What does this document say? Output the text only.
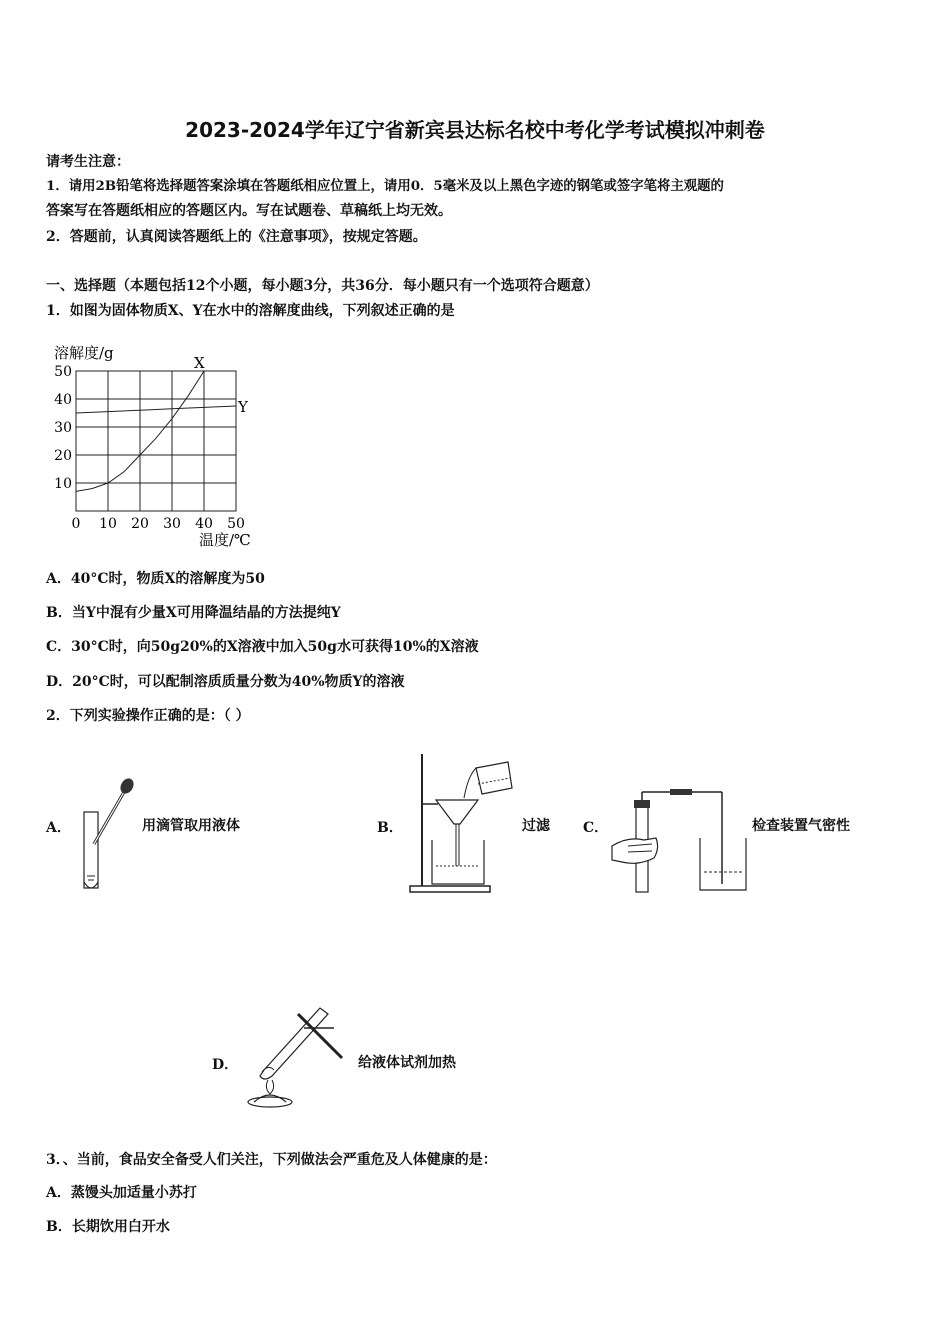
2023-2024学年辽宁省新宾县达标名校中考化学考试模拟冲刺卷
请考生注意：
1．请用2B铅笔将选择题答案涂填在答题纸相应位置上，请用0．5毫米及以上黑色字迹的钢笔或签字笔将主观题的
答案写在答题纸相应的答题区内。写在试题卷、草稿纸上均无效。
2．答题前，认真阅读答题纸上的《注意事项》，按规定答题。
一、选择题（本题包括12个小题，每小题3分，共36分．每小题只有一个选项符合题意）
1．如图为固体物质X、Y在水中的溶解度曲线，下列叙述正确的是
0 10 20 30 40 50
10
20
30
40
50	X
Y
溶解度/g
温度/℃
A．40°C时，物质X的溶解度为50
B．当Y中混有少量X可用降温结晶的方法提纯Y
C．30°C时，向50g20%的X溶液中加入50g水可获得10%的X溶液
D．20°C时，可以配制溶质质量分数为40%物质Y的溶液
2．下列实验操作正确的是：（ ）
A．	用滴管取用液体	B．	过滤 C．	检查装置气密性
D．	给液体试剂加热
3．、当前，食品安全备受人们关注，下列做法会严重危及人体健康的是：
A．蒸馒头加适量小苏打
B．长期饮用白开水
